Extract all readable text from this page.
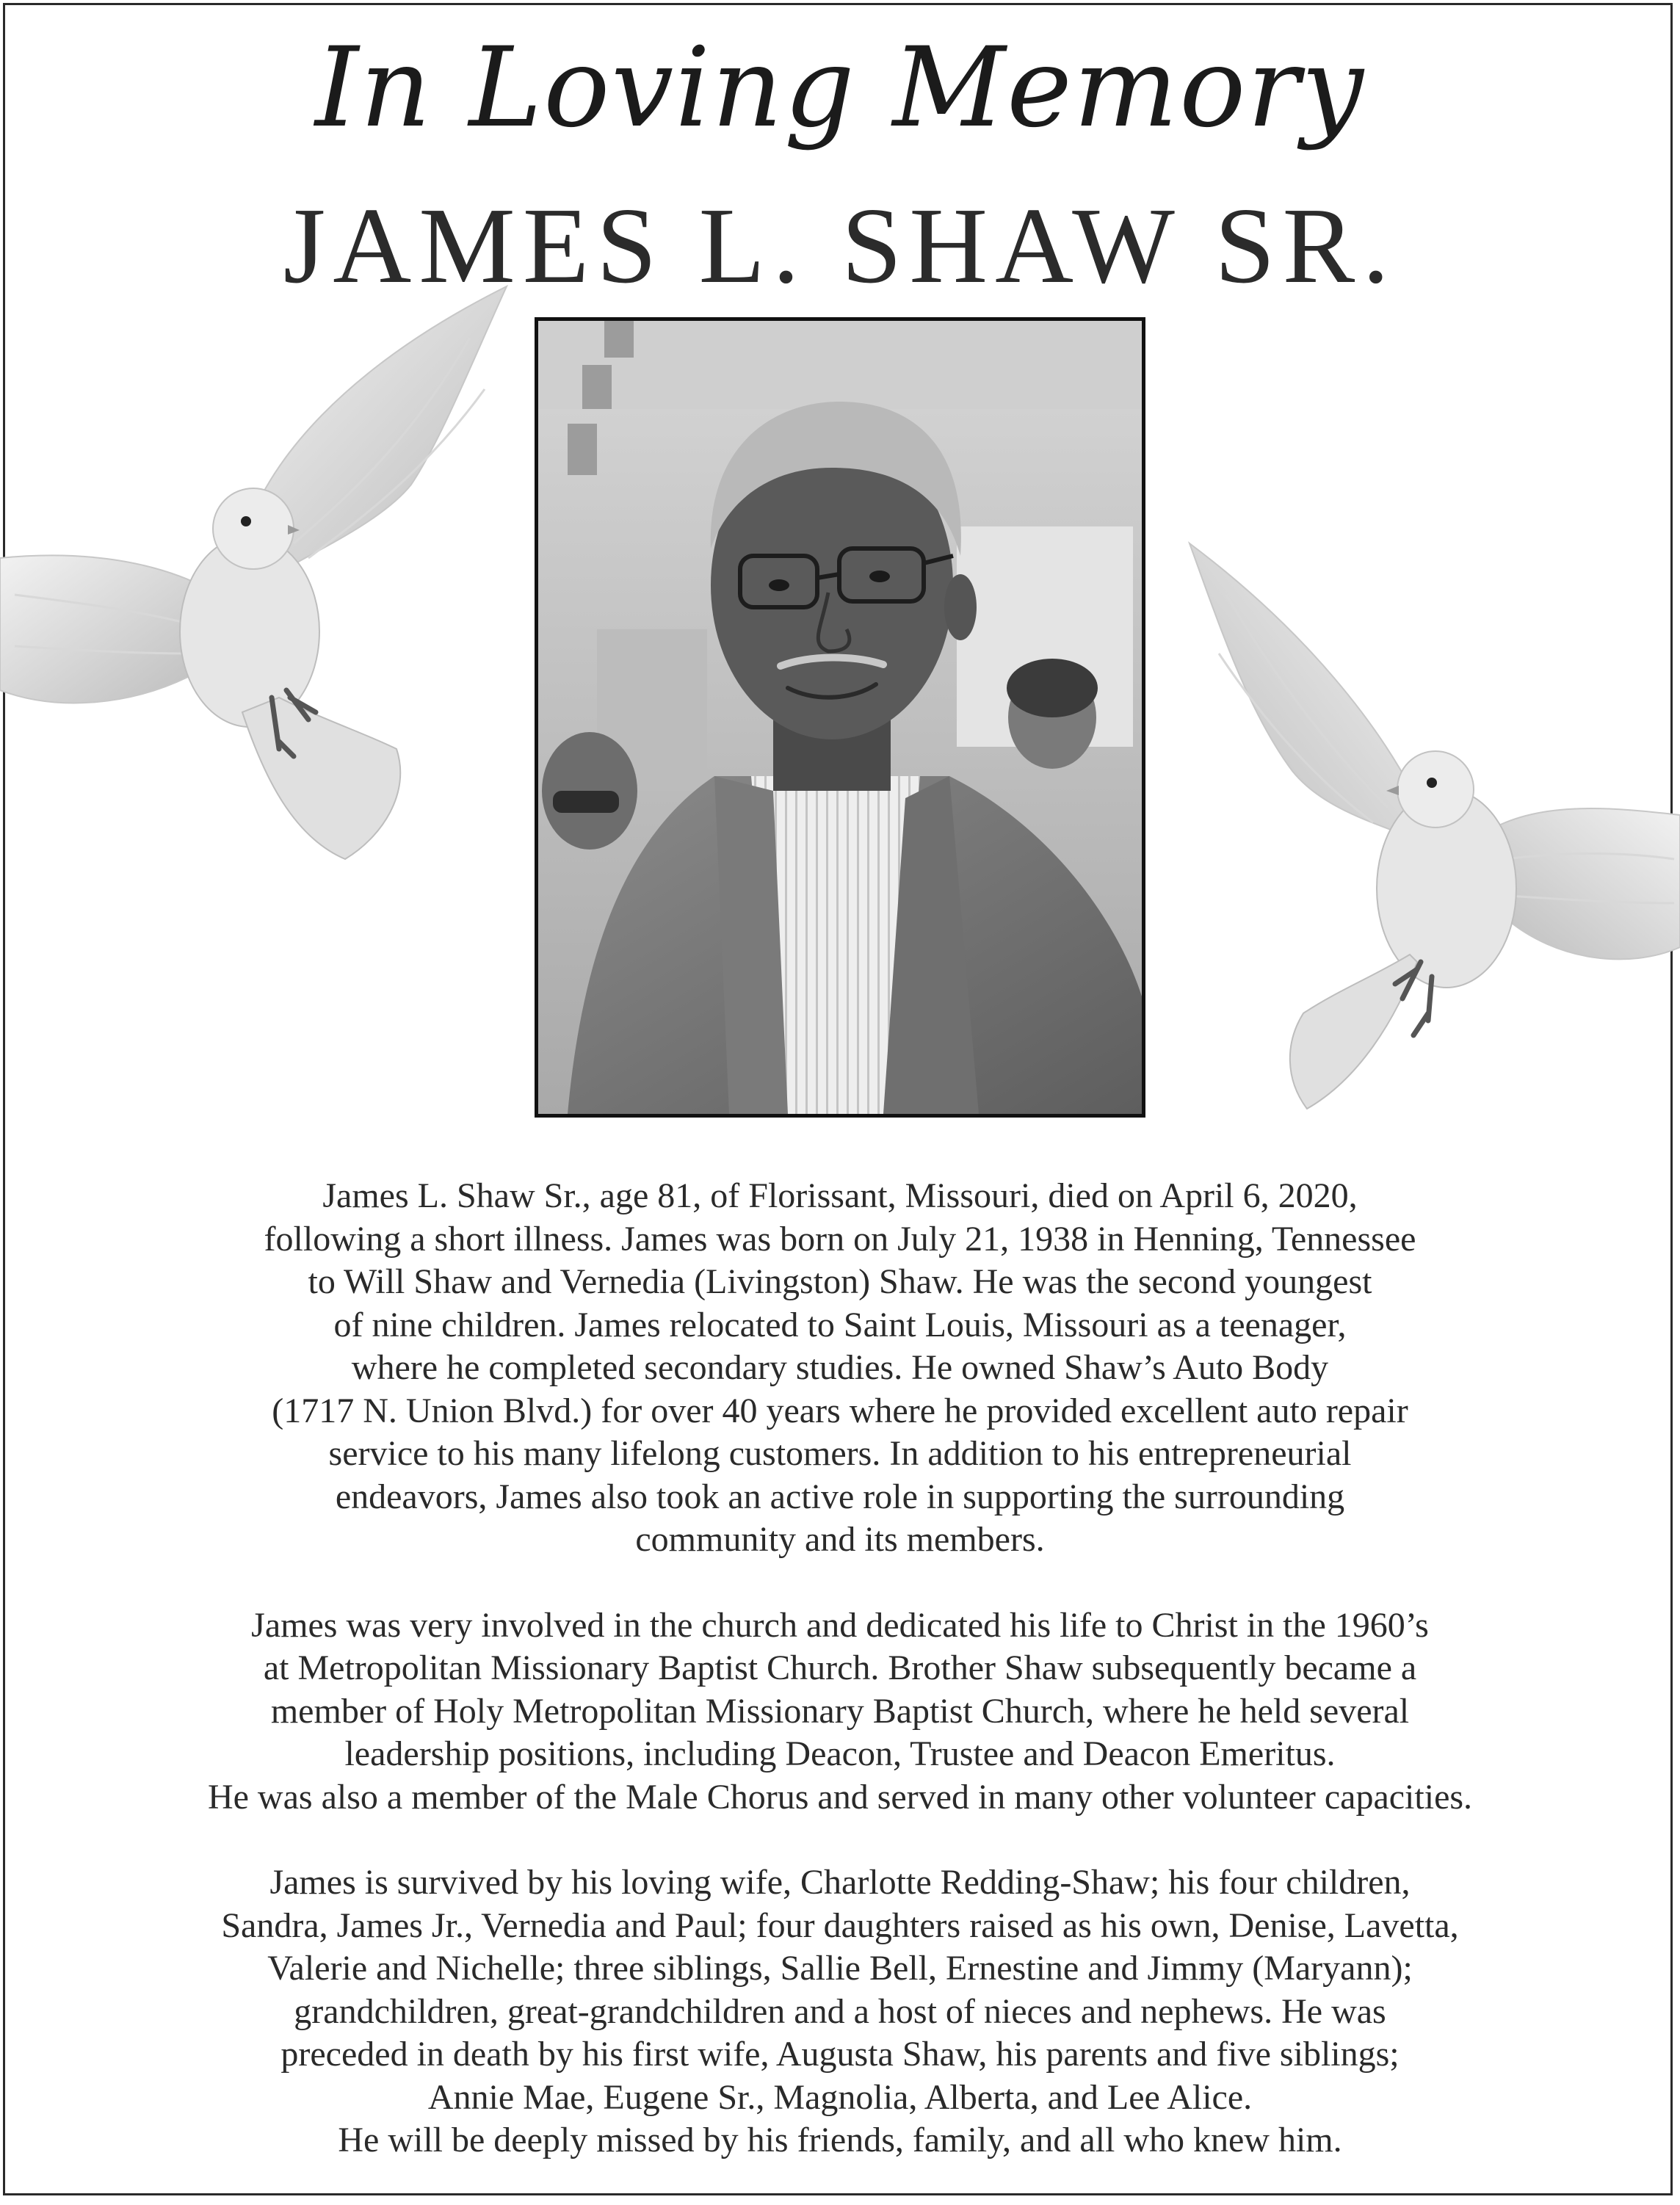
In Loving Memory
JAMES L. SHAW SR.

James L. Shaw Sr., age 81, of Florissant, Missouri, died on April 6, 2020,
following a short illness. James was born on July 21, 1938 in Henning, Tennessee
to Will Shaw and Vernedia (Livingston) Shaw. He was the second youngest
of nine children. James relocated to Saint Louis, Missouri as a teenager,
where he completed secondary studies. He owned Shaw’s Auto Body
(1717 N. Union Blvd.) for over 40 years where he provided excellent auto repair
service to his many lifelong customers. In addition to his entrepreneurial
endeavors, James also took an active role in supporting the surrounding
community and its members.

James was very involved in the church and dedicated his life to Christ in the 1960’s
at Metropolitan Missionary Baptist Church. Brother Shaw subsequently became a
member of Holy Metropolitan Missionary Baptist Church, where he held several
leadership positions, including Deacon, Trustee and Deacon Emeritus.
He was also a member of the Male Chorus and served in many other volunteer capacities.

James is survived by his loving wife, Charlotte Redding-Shaw; his four children,
Sandra, James Jr., Vernedia and Paul; four daughters raised as his own, Denise, Lavetta,
Valerie and Nichelle; three siblings, Sallie Bell, Ernestine and Jimmy (Maryann);
grandchildren, great-grandchildren and a host of nieces and nephews. He was
preceded in death by his first wife, Augusta Shaw, his parents and five siblings;
Annie Mae, Eugene Sr., Magnolia, Alberta, and Lee Alice.
He will be deeply missed by his friends, family, and all who knew him.
